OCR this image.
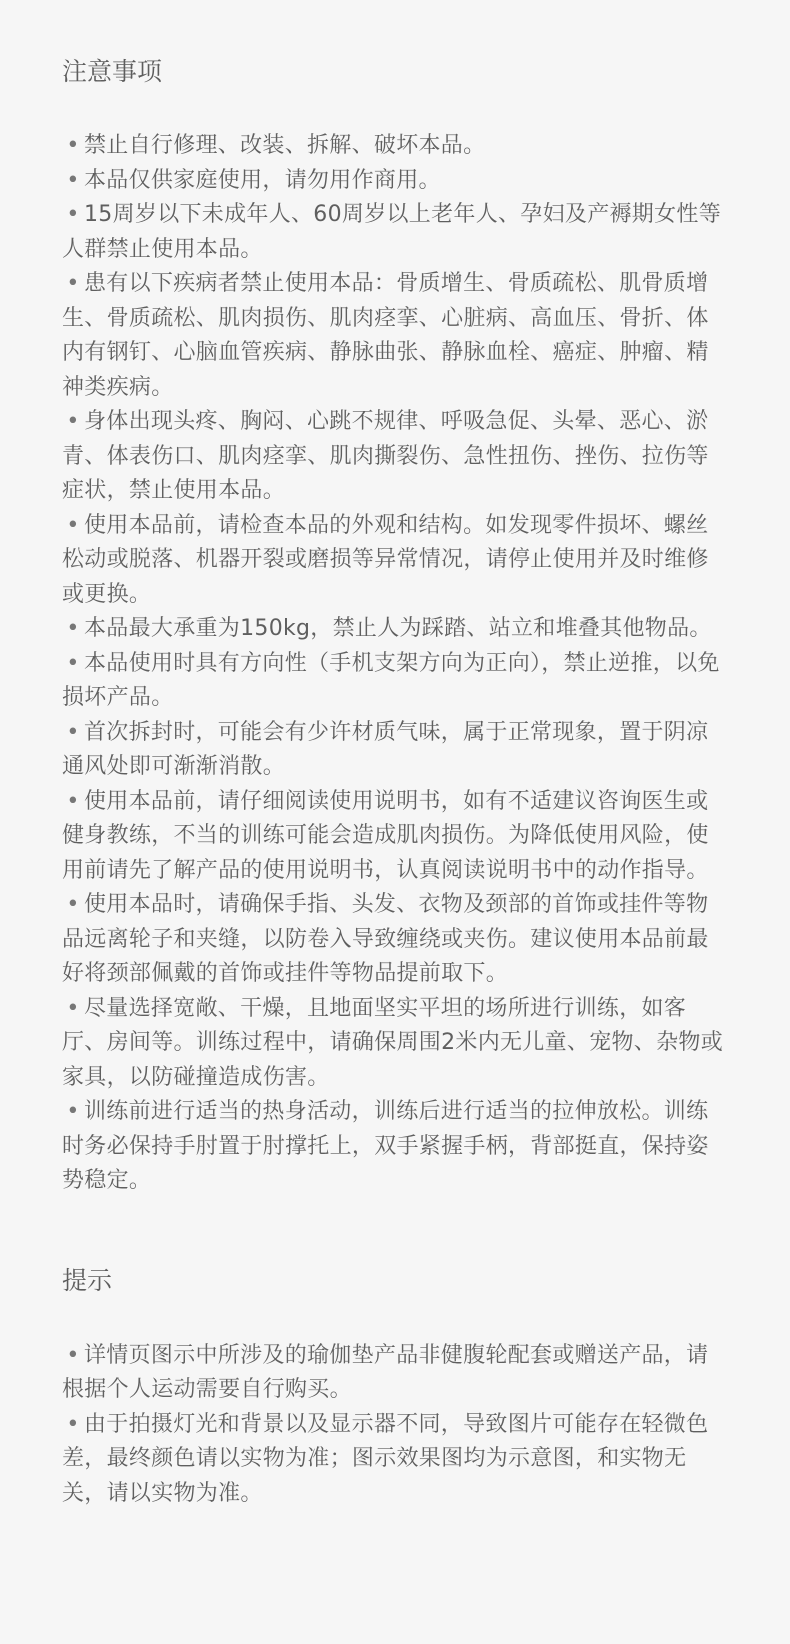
注意事项
• 禁止自行修理、改装、拆解、破坏本品。
• 本品仅供家庭使用，请勿用作商用。
• 15周岁以下未成年人、60周岁以上老年人、孕妇及产褥期女性等人群禁止使用本品。
• 患有以下疾病者禁止使用本品：骨质增生、骨质疏松、肌骨质增生、骨质疏松、肌肉损伤、肌肉痉挛、心脏病、高血压、骨折、体内有钢钉、心脑血管疾病、静脉曲张、静脉血栓、癌症、肿瘤、精神类疾病。
• 身体出现头疼、胸闷、心跳不规律、呼吸急促、头晕、恶心、淤青、体表伤口、肌肉痉挛、肌肉撕裂伤、急性扭伤、挫伤、拉伤等症状，禁止使用本品。
• 使用本品前，请检查本品的外观和结构。如发现零件损坏、螺丝松动或脱落、机器开裂或磨损等异常情况，请停止使用并及时维修或更换。
• 本品最大承重为150kg，禁止人为踩踏、站立和堆叠其他物品。
• 本品使用时具有方向性（手机支架方向为正向），禁止逆推，以免损坏产品。
• 首次拆封时，可能会有少许材质气味，属于正常现象，置于阴凉通风处即可渐渐消散。
• 使用本品前，请仔细阅读使用说明书，如有不适建议咨询医生或健身教练，不当的训练可能会造成肌肉损伤。为降低使用风险，使用前请先了解产品的使用说明书，认真阅读说明书中的动作指导。
• 使用本品时，请确保手指、头发、衣物及颈部的首饰或挂件等物品远离轮子和夹缝，以防卷入导致缠绕或夹伤。建议使用本品前最好将颈部佩戴的首饰或挂件等物品提前取下。
• 尽量选择宽敞、干燥，且地面坚实平坦的场所进行训练，如客厅、房间等。训练过程中，请确保周围2米内无儿童、宠物、杂物或家具，以防碰撞造成伤害。
• 训练前进行适当的热身活动，训练后进行适当的拉伸放松。训练时务必保持手肘置于肘撑托上，双手紧握手柄，背部挺直，保持姿势稳定。
提示
• 详情页图示中所涉及的瑜伽垫产品非健腹轮配套或赠送产品，请根据个人运动需要自行购买。
• 由于拍摄灯光和背景以及显示器不同，导致图片可能存在轻微色差，最终颜色请以实物为准；图示效果图均为示意图，和实物无关，请以实物为准。
